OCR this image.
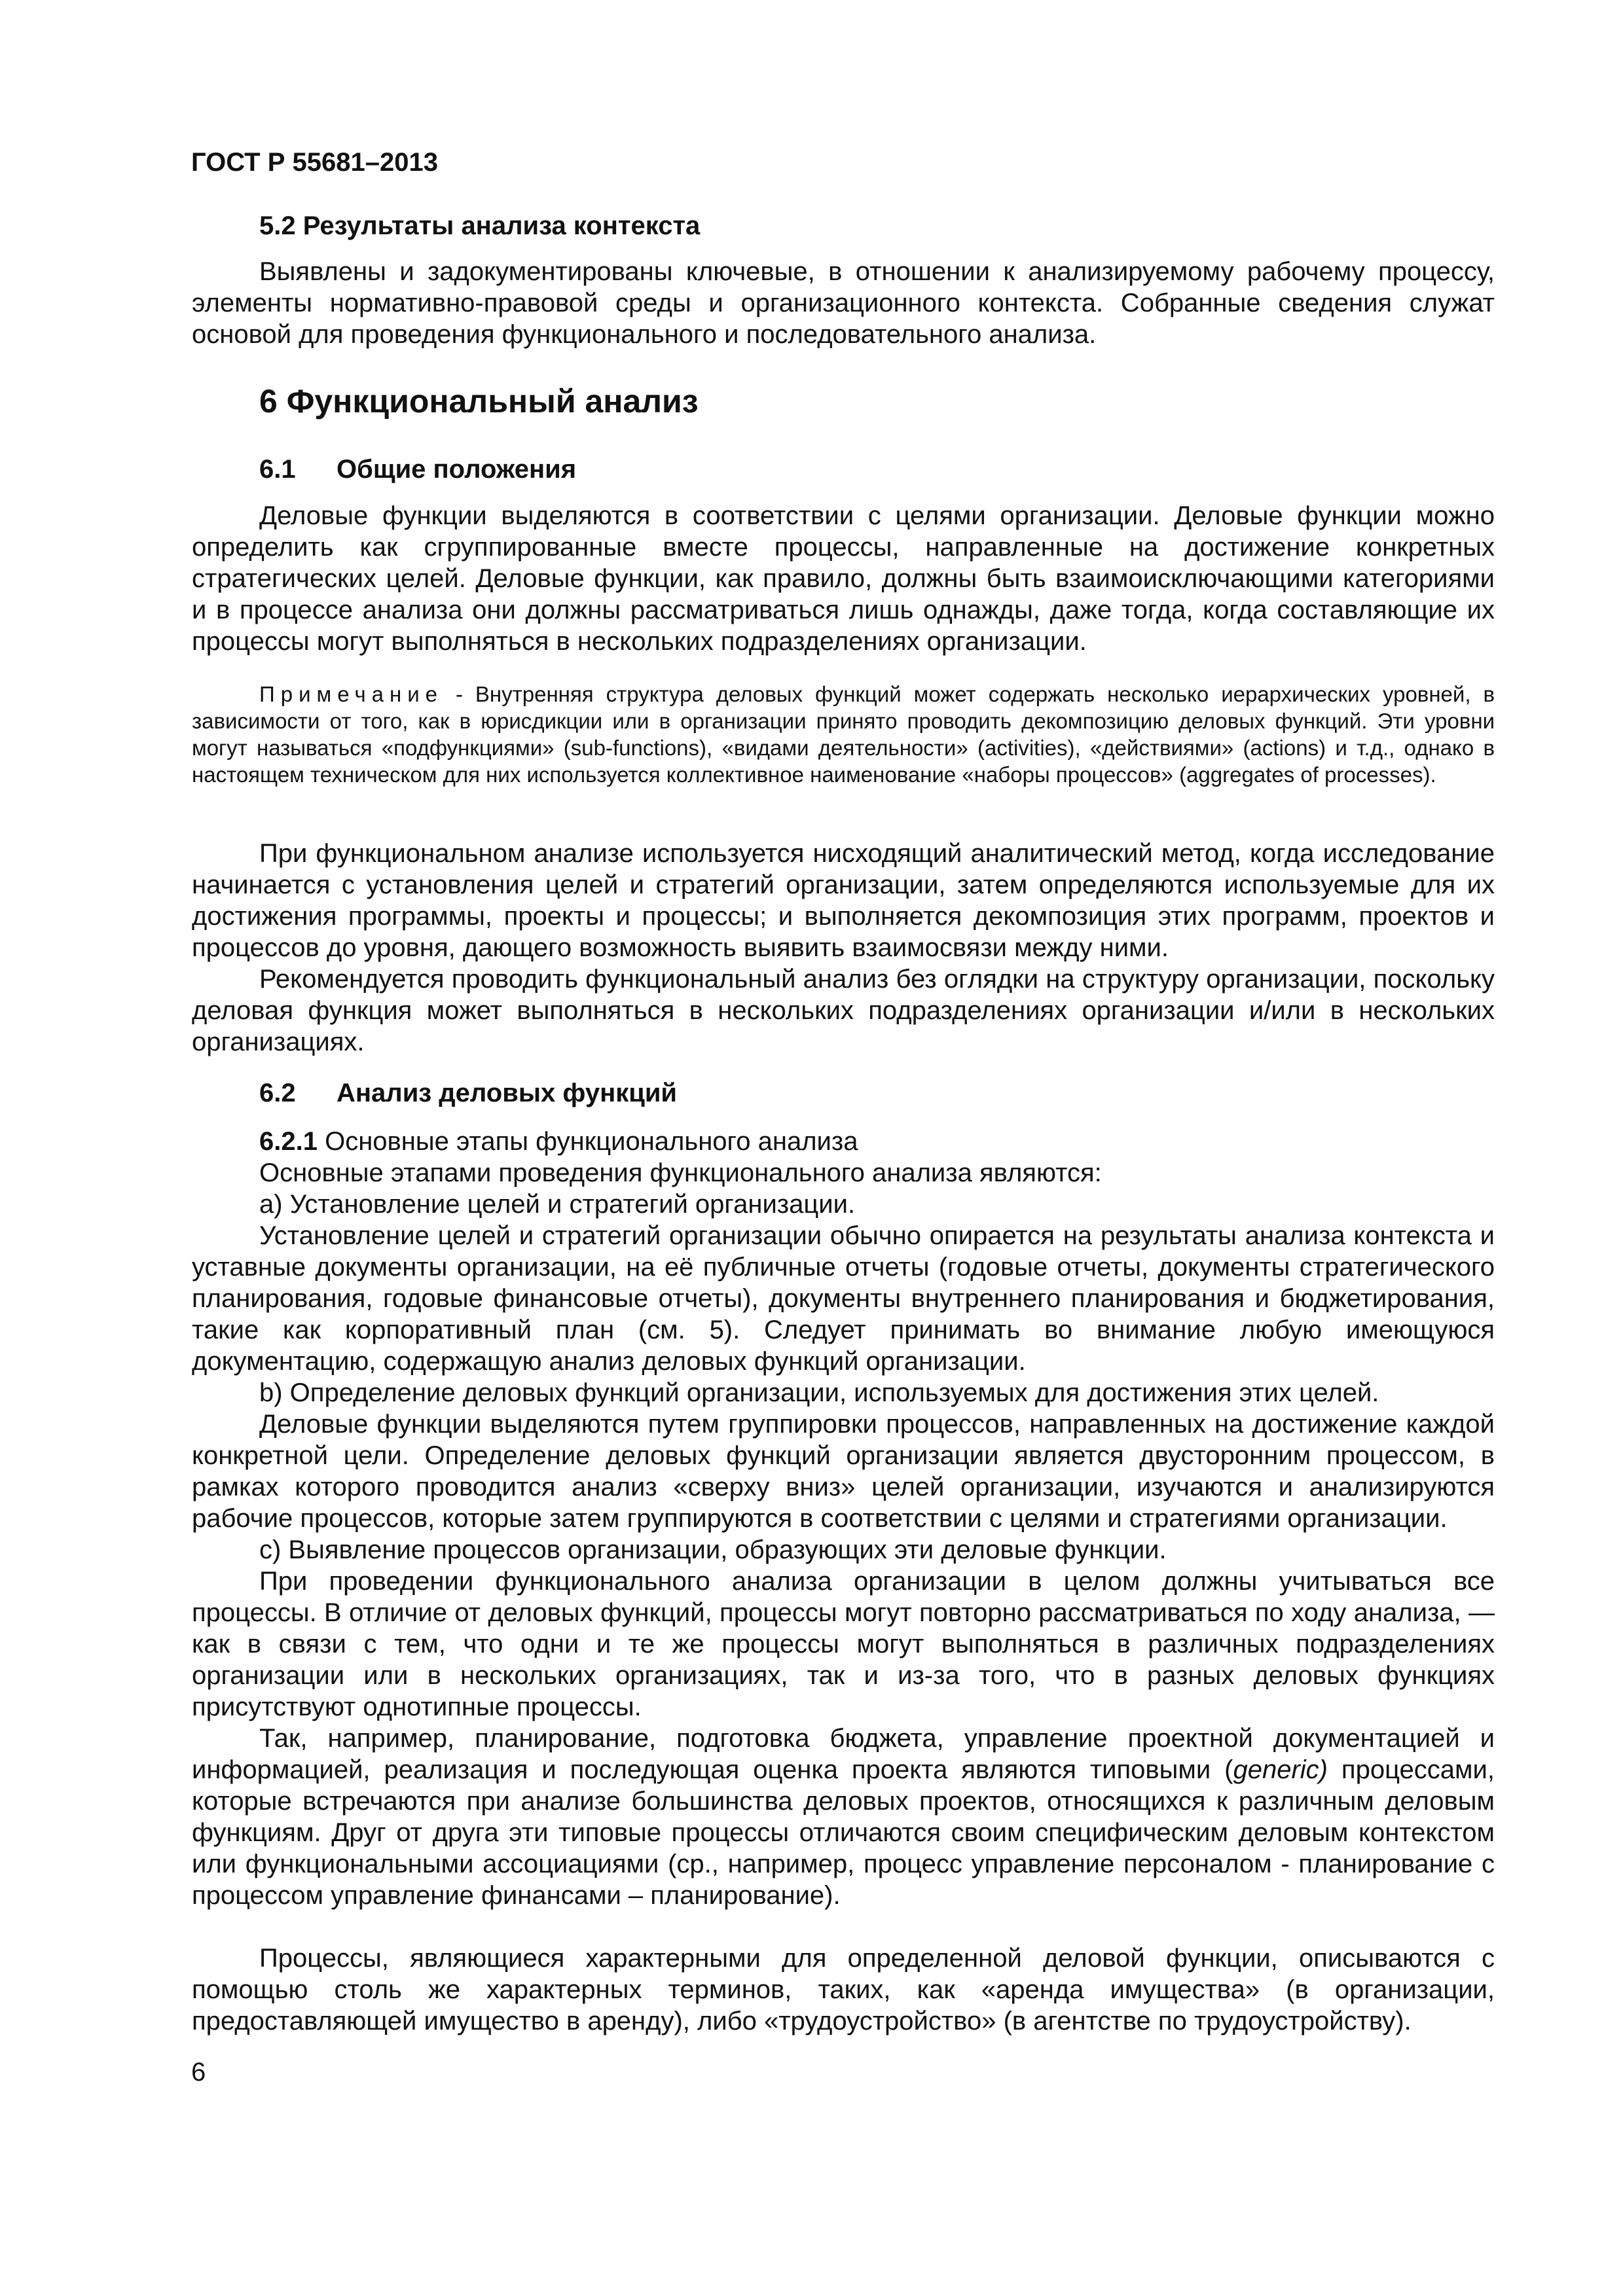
ГОСТ Р 55681–2013
5.2 Результаты анализа контекста
Выявлены и задокументированы ключевые, в отношении к анализируемому рабочему процессу, элементы нормативно-правовой среды и организационного контекста. Собранные сведения служат основой для проведения функционального и последовательного анализа.
6 Функциональный анализ
6.1 Общие положения
Деловые функции выделяются в соответствии с целями организации. Деловые функции можно определить как сгруппированные вместе процессы, направленные на достижение конкретных стратегических целей. Деловые функции, как правило, должны быть взаимоисключающими категориями и в процессе анализа они должны рассматриваться лишь однажды, даже тогда, когда составляющие их процессы могут выполняться в нескольких подразделениях организации.
Примечание - Внутренняя структура деловых функций может содержать несколько иерархических уровней, в зависимости от того, как в юрисдикции или в организации принято проводить декомпозицию деловых функций. Эти уровни могут называться «подфункциями» (sub-functions), «видами деятельности» (activities), «действиями» (actions) и т.д., однако в настоящем техническом для них используется коллективное наименование «наборы процессов» (aggregates of processes).
При функциональном анализе используется нисходящий аналитический метод, когда исследование начинается с установления целей и стратегий организации, затем определяются используемые для их достижения программы, проекты и процессы; и выполняется декомпозиция этих программ, проектов и процессов до уровня, дающего возможность выявить взаимосвязи между ними.
Рекомендуется проводить функциональный анализ без оглядки на структуру организации, поскольку деловая функция может выполняться в нескольких подразделениях организации и/или в нескольких организациях.
6.2 Анализ деловых функций
6.2.1 Основные этапы функционального анализа
Основные этапами проведения функционального анализа являются:
a) Установление целей и стратегий организации.
Установление целей и стратегий организации обычно опирается на результаты анализа контекста и уставные документы организации, на её публичные отчеты (годовые отчеты, документы стратегического планирования, годовые финансовые отчеты), документы внутреннего планирования и бюджетирования, такие как корпоративный план (см. 5). Следует принимать во внимание любую имеющуюся документацию, содержащую анализ деловых функций организации.
b) Определение деловых функций организации, используемых для достижения этих целей.
Деловые функции выделяются путем группировки процессов, направленных на достижение каждой конкретной цели. Определение деловых функций организации является двусторонним процессом, в рамках которого проводится анализ «сверху вниз» целей организации, изучаются и анализируются рабочие процессов, которые затем группируются в соответствии с целями и стратегиями организации.
c) Выявление процессов организации, образующих эти деловые функции.
При проведении функционального анализа организации в целом должны учитываться все процессы. В отличие от деловых функций, процессы могут повторно рассматриваться по ходу анализа, — как в связи с тем, что одни и те же процессы могут выполняться в различных подразделениях организации или в нескольких организациях, так и из-за того, что в разных деловых функциях присутствуют однотипные процессы.
Так, например, планирование, подготовка бюджета, управление проектной документацией и информацией, реализация и последующая оценка проекта являются типовыми (generic) процессами, которые встречаются при анализе большинства деловых проектов, относящихся к различным деловым функциям. Друг от друга эти типовые процессы отличаются своим специфическим деловым контекстом или функциональными ассоциациями (ср., например, процесс управление персоналом - планирование с процессом управление финансами – планирование).
Процессы, являющиеся характерными для определенной деловой функции, описываются с помощью столь же характерных терминов, таких, как «аренда имущества» (в организации, предоставляющей имущество в аренду), либо «трудоустройство» (в агентстве по трудоустройству).
6
